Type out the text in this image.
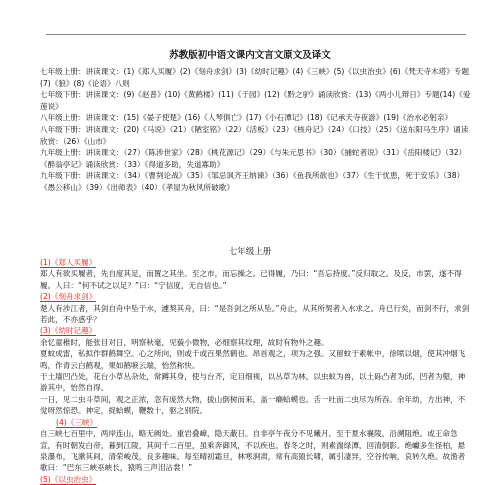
苏教版初中语文课内文言文原文及译文

七年级上册：讲读课文：(1)《郑人买履》(2)《刻舟求剑》(3)《幼时记趣》(4)《三峡》(5)《以虫治虫》(6)《梵天寺木塔》专题(7)《狼》(8)《论语》八则

七年级下册：讲读课文：(9)《赵普》(10)《黄鹤楼》(11)《于园》(12)《黔之驴》诵读欣赏：(13)《两小儿辩日》专题(14)《爱莲说》

八年级上册：讲读课文：(15)《晏子使楚》(16)《人琴俱亡》(17)《小石潭记》(18)《记承天寺夜游》(19)《治水必躬亲》

八年级下册：讲读课文：(20)《马说》（21）《陋室铭》（22）《活板》（23）《核舟记》（24）《口技》（25）《送东阳马生序》诵读欣赏：（26）《山市》

九年级上册：讲读课文：（27）《陈涉世家》（28）《桃花源记》（29）《与朱元思书》（30）《捕蛇者说》（31）《岳阳楼记》（32）《醉翁亭记》诵读欣赏：（33）《得道多助，失道寡助》

九年级下册：讲读课文：（34）《曹刿论战》（35）《邹忌讽齐王纳谏》（36）《鱼我所欲也》（37）《生于忧患，死于安乐》（38）《愚公移山》（39）《出师表》（40）《孝屋为秋风所破歌》

七年级上册

(1)《郑人买履》

郑人有欲买履者，先自度其足，而置之其坐。至之市，而忘操之。已得履，乃曰：“吾忘持度。”反归取之。及反，市罢，遂不得履。人曰：“何不试之以足？”曰：“宁信度，无自信也。”

(2)《刻舟求剑》

楚人有涉江者，其剑自舟中坠于水，遽契其舟，曰：“是吾剑之所从坠。”舟止，从其所契者入水求之。舟已行矣，而剑不行，求剑若此，不亦惑乎？

(3)《幼时记趣》

余忆童稚时，能张目对日，明察秋毫，见藐小微物，必细察其纹理，故时有物外之趣。

夏蚊成雷，私拟作群鹤舞空。心之所向，则或千或百果然鹤也。昂首观之，项为之强。又留蚊于素帐中，徐喷以烟，使其冲烟飞鸣，作青云白鹤观，果如鹤唳云端，怡然称快。

于土墙凹凸处，花台小草丛杂处，常蹲其身，使与台齐，定目细视，以丛草为林，以虫蚁为兽，以土砾凸者为邱，凹者为壑，神游其中，怡然自得。

一日，见二虫斗草间，观之正浓，忽有庞然大物，拔山倒树而来，盖一癞蛤蟆也。舌一吐而二虫尽为所吞。余年幼，方出神，不觉呀然惊恐。神定，捉蛤蟆，鞭数十，驱之别院。

(4)《三峡》

自三峡七百里中，两岸连山，略无阙处。重岩叠嶂，隐天蔽日。自非亭午夜分不见曦月。至于夏水襄陵，沿溯阻绝。或王命急宣，有时朝发白帝，暮到江陵，其间千二百里，虽乘奔御风，不以疾也。春冬之时，则素湍绿潭，回清倒影。绝巘多生怪柏，悬泉瀑布，飞漱其间，清荣峻茂，良多趣味。每至晴初霜旦，林寒涧肃，常有高猿长啸，属引凄异，空谷传响，哀转久绝。故渔者歌曰：“巴东三峡巫峡长，猿鸣三声泪沾裳！”

(5)《以虫治虫》
